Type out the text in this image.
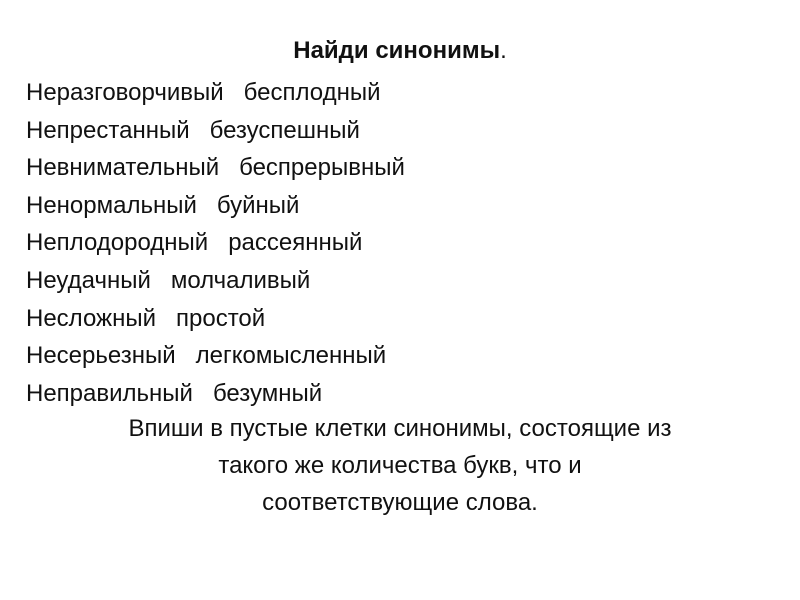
Найди синонимы.
Неразговорчивый бесплодный
Непрестанный безуспешный
Невнимательный беспрерывный
Ненормальный буйный
Неплодородный рассеянный
Неудачный молчаливый
Несложный простой
Несерьезный легкомысленный
Неправильный безумный
Впиши в пустые клетки синонимы, состоящие из
такого же количества букв, что и
соответствующие слова.
